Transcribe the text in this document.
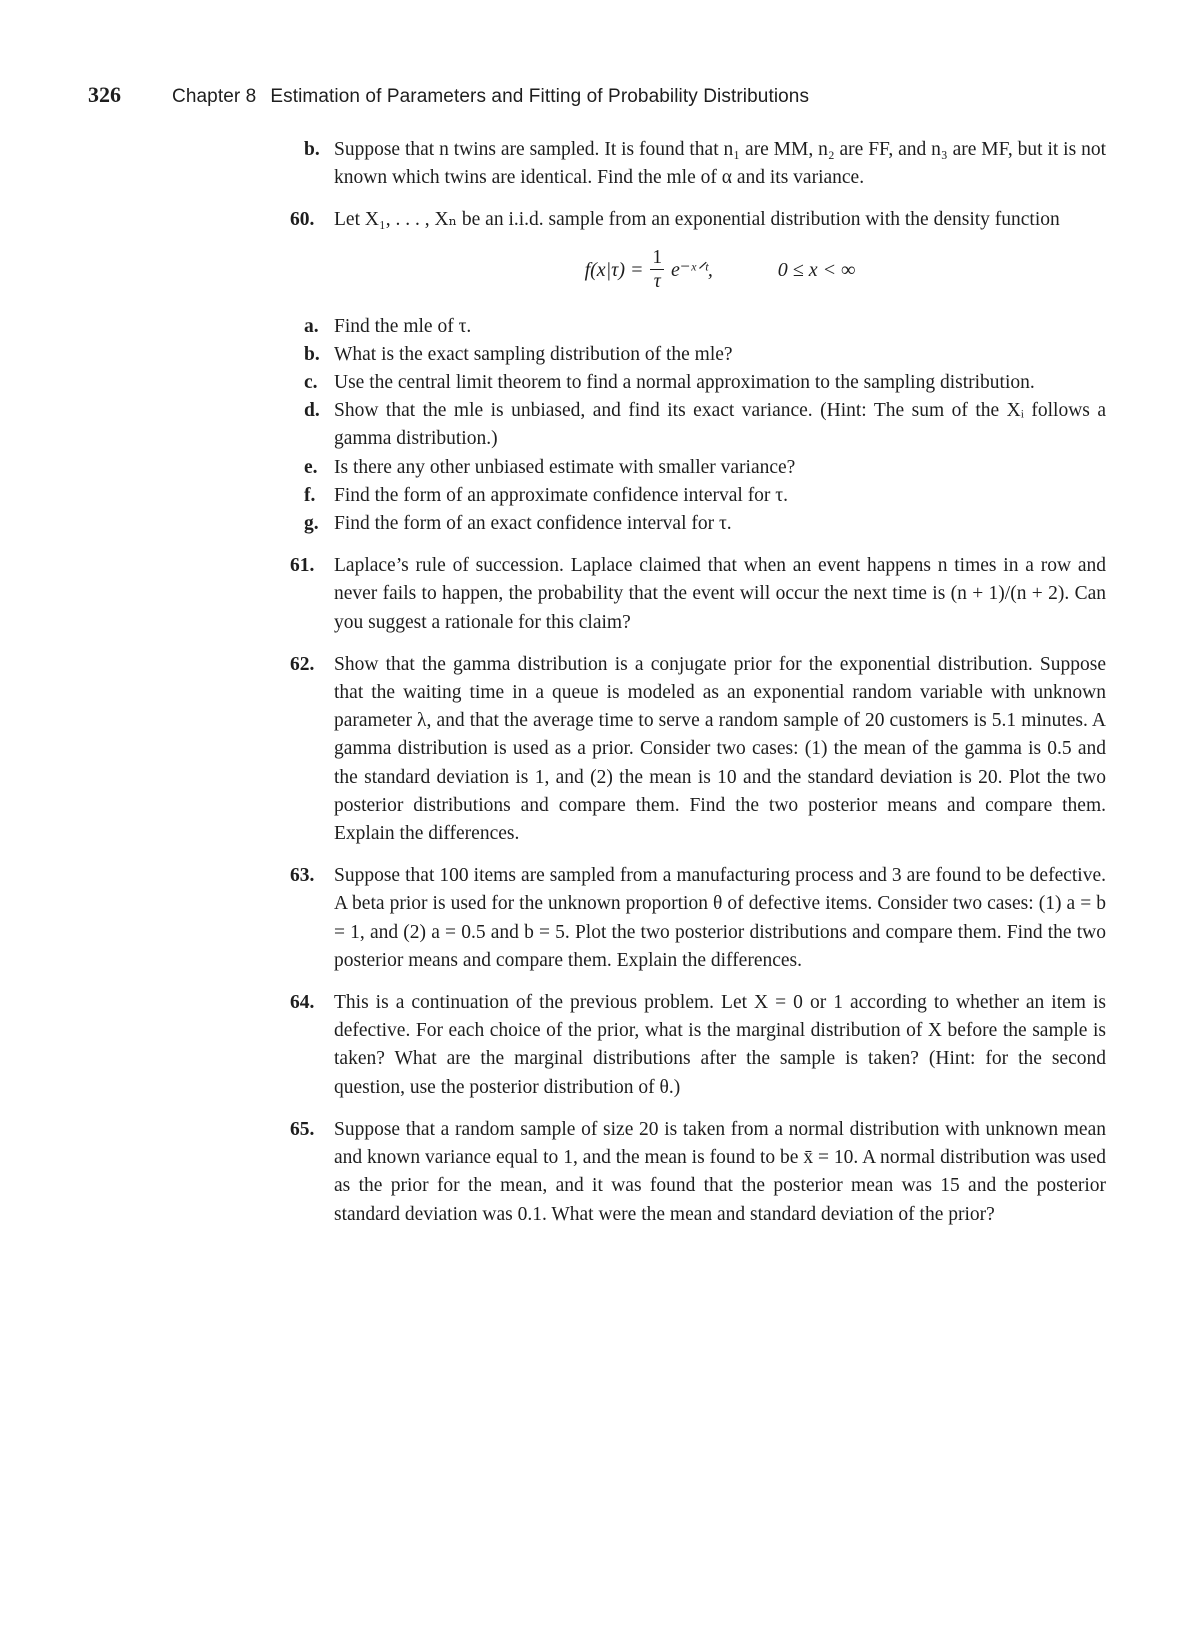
326	Chapter 8 Estimation of Parameters and Fitting of Probability Distributions
b. Suppose that n twins are sampled. It is found that n₁ are MM, n₂ are FF, and n₃ are MF, but it is not known which twins are identical. Find the mle of α and its variance.
60. Let X₁, . . . , Xₙ be an i.i.d. sample from an exponential distribution with the density function
$f(x|\tau) = \frac{1}{\tau}$ e⁻ˣᐟᵗ,	0 ≤ x < ∞
a. Find the mle of τ.
b. What is the exact sampling distribution of the mle?
c. Use the central limit theorem to find a normal approximation to the sampling distribution.
d. Show that the mle is unbiased, and find its exact variance. (Hint: The sum of the Xᵢ follows a gamma distribution.)
e. Is there any other unbiased estimate with smaller variance?
f. Find the form of an approximate confidence interval for τ.
g. Find the form of an exact confidence interval for τ.
61. Laplace’s rule of succession. Laplace claimed that when an event happens n times in a row and never fails to happen, the probability that the event will occur the next time is (n + 1)/(n + 2). Can you suggest a rationale for this claim?
62. Show that the gamma distribution is a conjugate prior for the exponential distribution. Suppose that the waiting time in a queue is modeled as an exponential random variable with unknown parameter λ, and that the average time to serve a random sample of 20 customers is 5.1 minutes. A gamma distribution is used as a prior. Consider two cases: (1) the mean of the gamma is 0.5 and the standard deviation is 1, and (2) the mean is 10 and the standard deviation is 20. Plot the two posterior distributions and compare them. Find the two posterior means and compare them. Explain the differences.
63. Suppose that 100 items are sampled from a manufacturing process and 3 are found to be defective. A beta prior is used for the unknown proportion θ of defective items. Consider two cases: (1) a = b = 1, and (2) a = 0.5 and b = 5. Plot the two posterior distributions and compare them. Find the two posterior means and compare them. Explain the differences.
64. This is a continuation of the previous problem. Let X = 0 or 1 according to whether an item is defective. For each choice of the prior, what is the marginal distribution of X before the sample is taken? What are the marginal distributions after the sample is taken? (Hint: for the second question, use the posterior distribution of θ.)
65. Suppose that a random sample of size 20 is taken from a normal distribution with unknown mean and known variance equal to 1, and the mean is found to be x̄ = 10. A normal distribution was used as the prior for the mean, and it was found that the posterior mean was 15 and the posterior standard deviation was 0.1. What were the mean and standard deviation of the prior?
